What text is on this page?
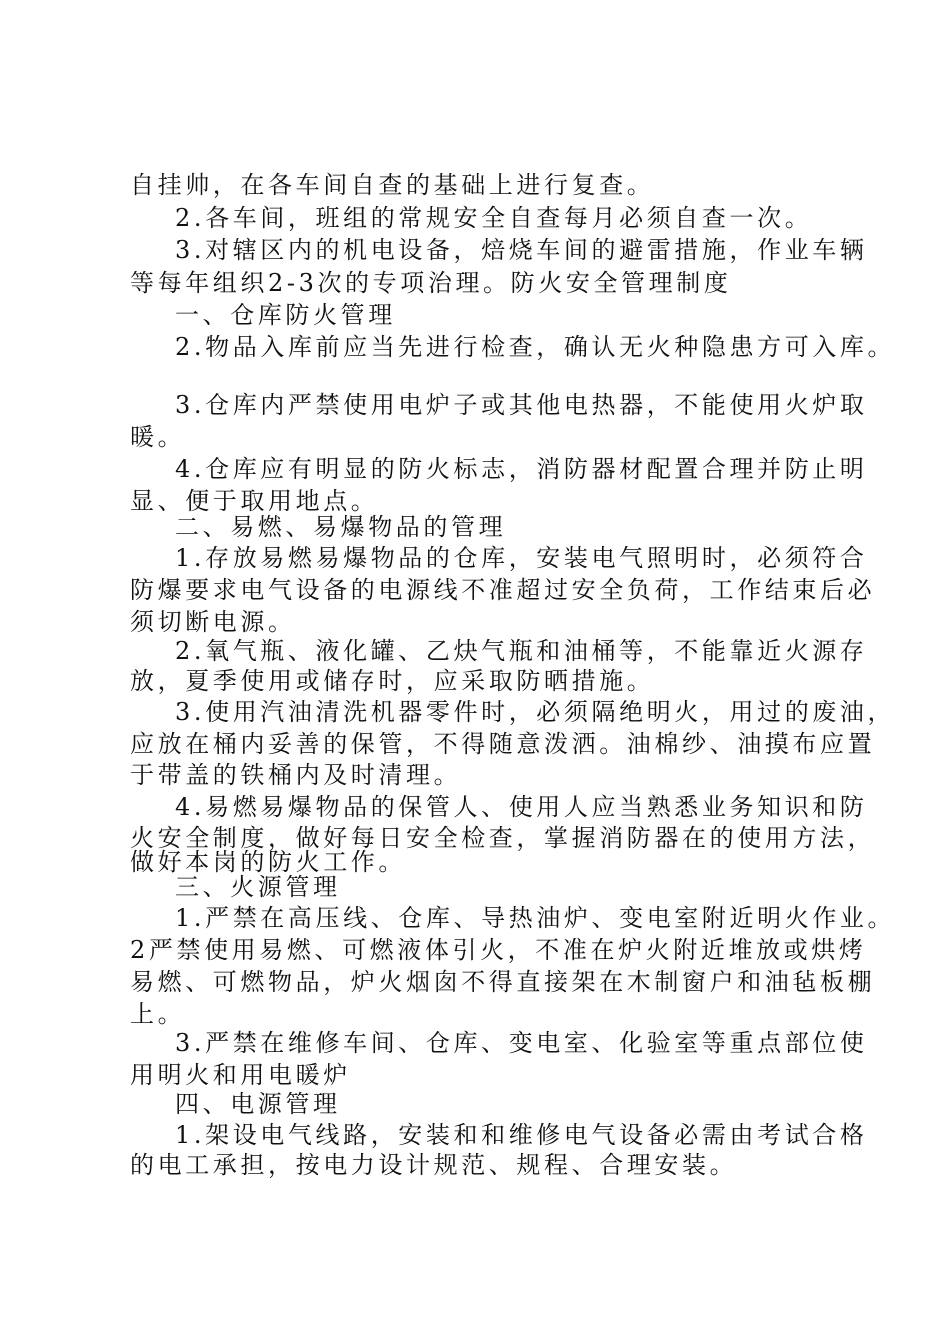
自挂帅，在各车间自查的基础上进行复查。
2.各车间，班组的常规安全自查每月必须自查一次。
3.对辖区内的机电设备，焙烧车间的避雷措施，作业车辆
等每年组织2-3次的专项治理。防火安全管理制度
一、仓库防火管理
2.物品入库前应当先进行检查，确认无火种隐患方可入库。
3.仓库内严禁使用电炉子或其他电热器，不能使用火炉取
暖。
4.仓库应有明显的防火标志，消防器材配置合理并防止明
显、便于取用地点。
二、易燃、易爆物品的管理
1.存放易燃易爆物品的仓库，安装电气照明时，必须符合
防爆要求电气设备的电源线不准超过安全负荷，工作结束后必
须切断电源。
2.氧气瓶、液化罐、乙炔气瓶和油桶等，不能靠近火源存
放，夏季使用或储存时，应采取防晒措施。
3.使用汽油清洗机器零件时，必须隔绝明火，用过的废油，
应放在桶内妥善的保管，不得随意泼洒。油棉纱、油摸布应置
于带盖的铁桶内及时清理。
4.易燃易爆物品的保管人、使用人应当熟悉业务知识和防
火安全制度，做好每日安全检查，掌握消防器在的使用方法，
做好本岗的防火工作。
三、火源管理
1.严禁在高压线、仓库、导热油炉、变电室附近明火作业。
2严禁使用易燃、可燃液体引火，不准在炉火附近堆放或烘烤
易燃、可燃物品，炉火烟囱不得直接架在木制窗户和油毡板棚
上。
3.严禁在维修车间、仓库、变电室、化验室等重点部位使
用明火和用电暖炉
四、电源管理
1.架设电气线路，安装和和维修电气设备必需由考试合格
的电工承担，按电力设计规范、规程、合理安装。
